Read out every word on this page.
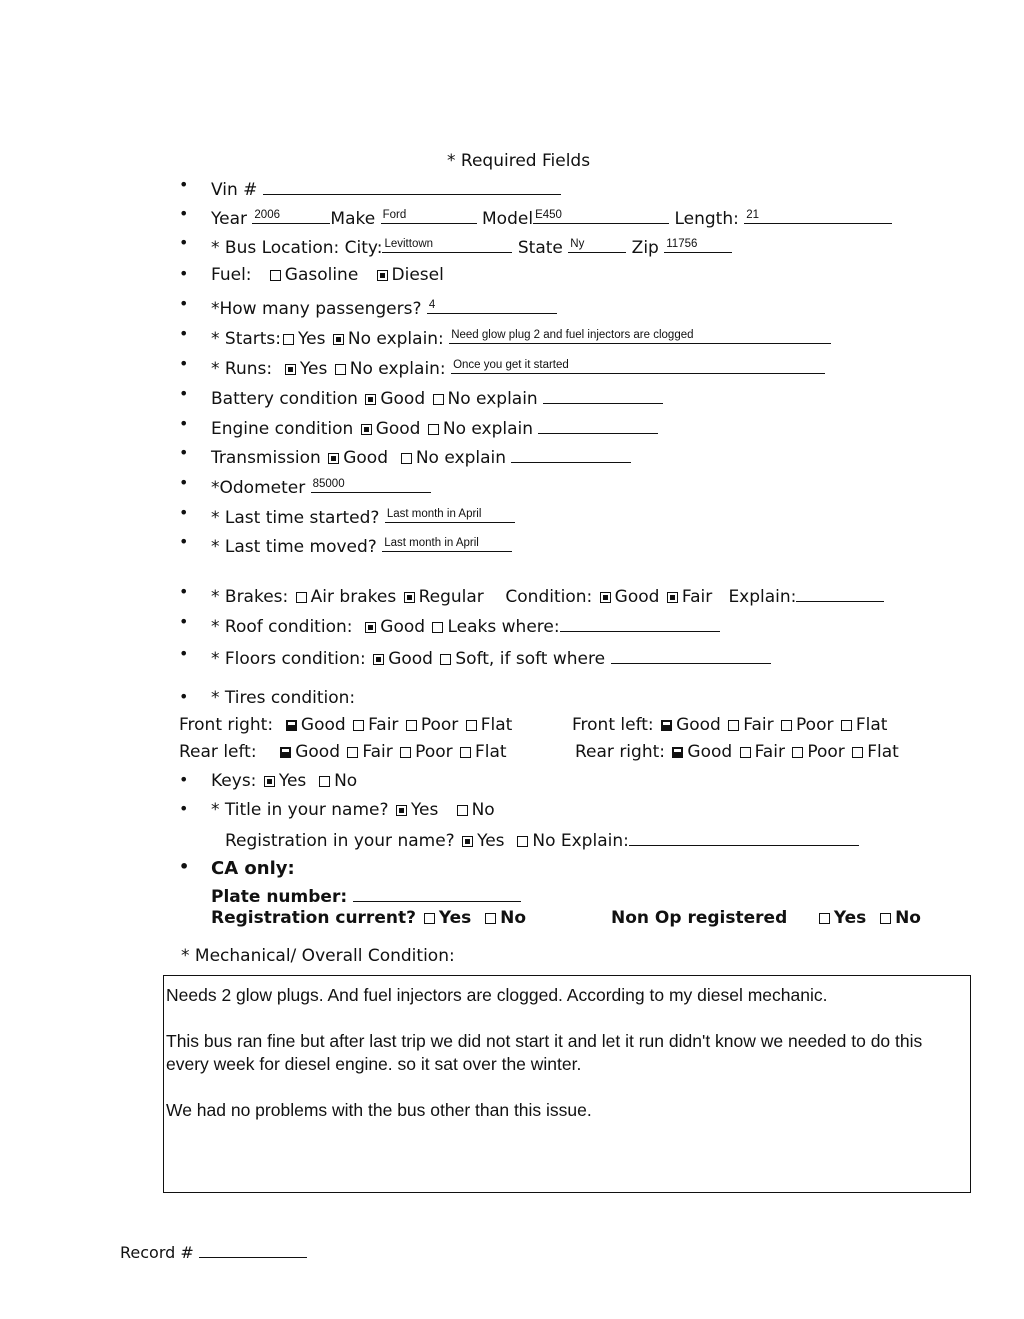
* Required Fields
• Vin #
• Year 2006	Make Ford	Model E450	Length: 21
• * Bus Location: City: Levittown	State Ny	Zip 11756
• Fuel: Gasoline Diesel
• *How many passengers? 4
• * Starts: Yes No explain: Need glow plug 2 and fuel injectors are clogged
• * Runs: Yes No explain: Once you get it started
• Battery condition Good No explain
• Engine condition Good No explain
• Transmission Good No explain
• *Odometer 85000
• * Last time started? Last month in April
• * Last time moved? Last month in April
• * Brakes: Air brakes Regular Condition: Good Fair Explain:
• * Roof condition: Good Leaks where:
• * Floors condition: Good Soft, if soft where
• * Tires condition:
Front right: Good Fair Poor Flat	Front left: Good Fair Poor Flat
Rear left: Good Fair Poor Flat	Rear right: Good Fair Poor Flat
• Keys: Yes No
• * Title in your name? Yes No
Registration in your name? Yes No Explain:
• CA only:
Plate number:
Registration current? Yes No	Non Op registered	Yes No
* Mechanical/ Overall Condition:

Needs 2 glow plugs. And fuel injectors are clogged. According to my diesel mechanic.

This bus ran fine but after last trip we did not start it and let it run didn't know we needed to do this every week for diesel engine. so it sat over the winter.

We had no problems with the bus other than this issue.

Record #
